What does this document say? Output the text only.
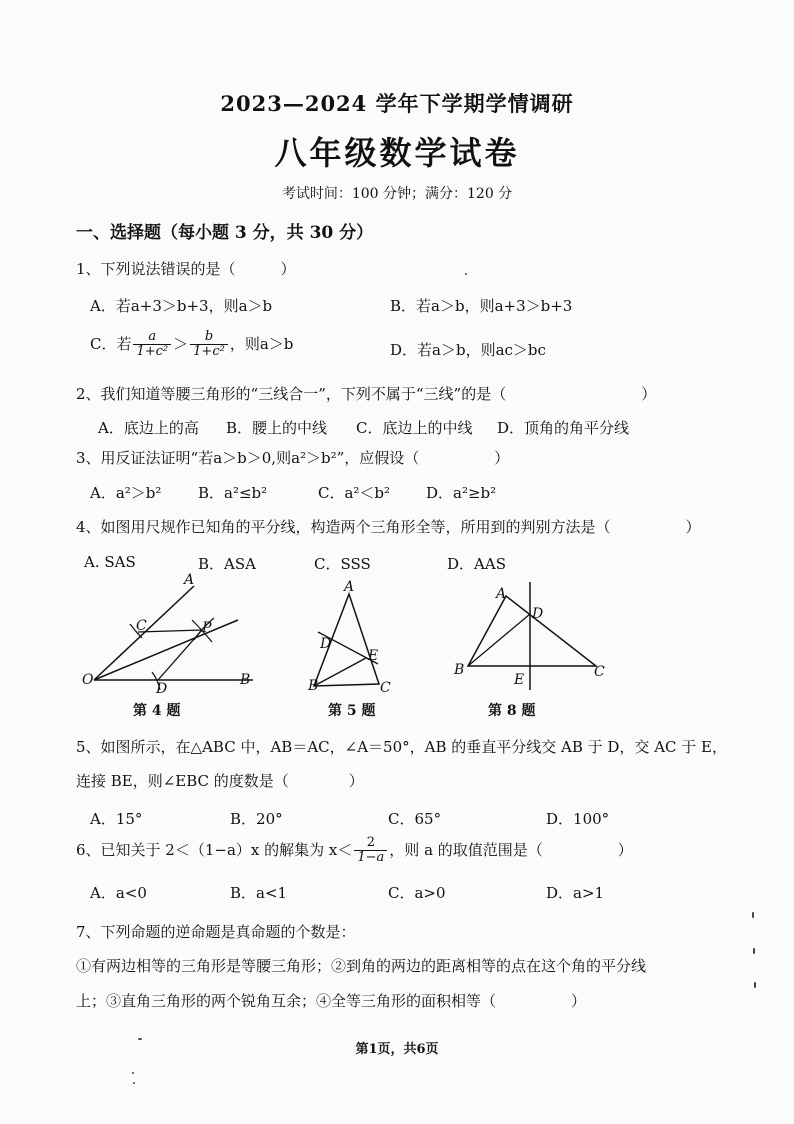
2023—2024 学年下学期学情调研
八年级数学试卷
考试时间：100 分钟；满分：120 分
一、选择题（每小题 3 分，共 30 分）
1、下列说法错误的是（　　　）
A．若a+3＞b+3，则a＞b	B．若a＞b，则a+3＞b+3
C．若 $\frac{a}{\text{1+c²}} > \frac{b}{\text{1+c²}}$ ，则a＞b	D．若a＞b，则ac＞bc
2、我们知道等腰三角形的“三线合一”，下列不属于“三线”的是（　　　　　　　　　）
A．底边上的高 B．腰上的中线 C．底边上的中线 D．顶角的角平分线
3、用反证法证明“若a＞b＞0,则a²＞b²”，应假设（　　　　　）
A．a²＞b² B．a²≤b²	C．a²＜b² D．a²≥b²
4、如图用尺规作已知角的平分线，构造两个三角形全等，所用到的判别方法是（　　　　　）
A. SAS	B．ASA	C．SSS	D．AAS
A
C	P
O
D
B
第 4 题
A
D
E
B	C
第 5 题
A
D
B
E	C
第 8 题
5、如图所示，在△ABC 中，AB＝AC，∠A＝50°，AB 的垂直平分线交 AB 于 D，交 AC 于 E，
连接 BE，则∠EBC 的度数是（　　　　）
A．15°	B．20°	C．65°	D．100°
6、已知关于 2＜（1−a）x 的解集为 $x< \frac{2}{1-a}$ ，则 a 的取值范围是（　　　　　）
A．a<0	B．a<1	C．a>0	D．a>1
7、下列命题的逆命题是真命题的个数是：
①有两边相等的三角形是等腰三角形；②到角的两边的距离相等的点在这个角的平分线
上；③直角三角形的两个锐角互余；④全等三角形的面积相等（　　　　　）
第1页，共6页
